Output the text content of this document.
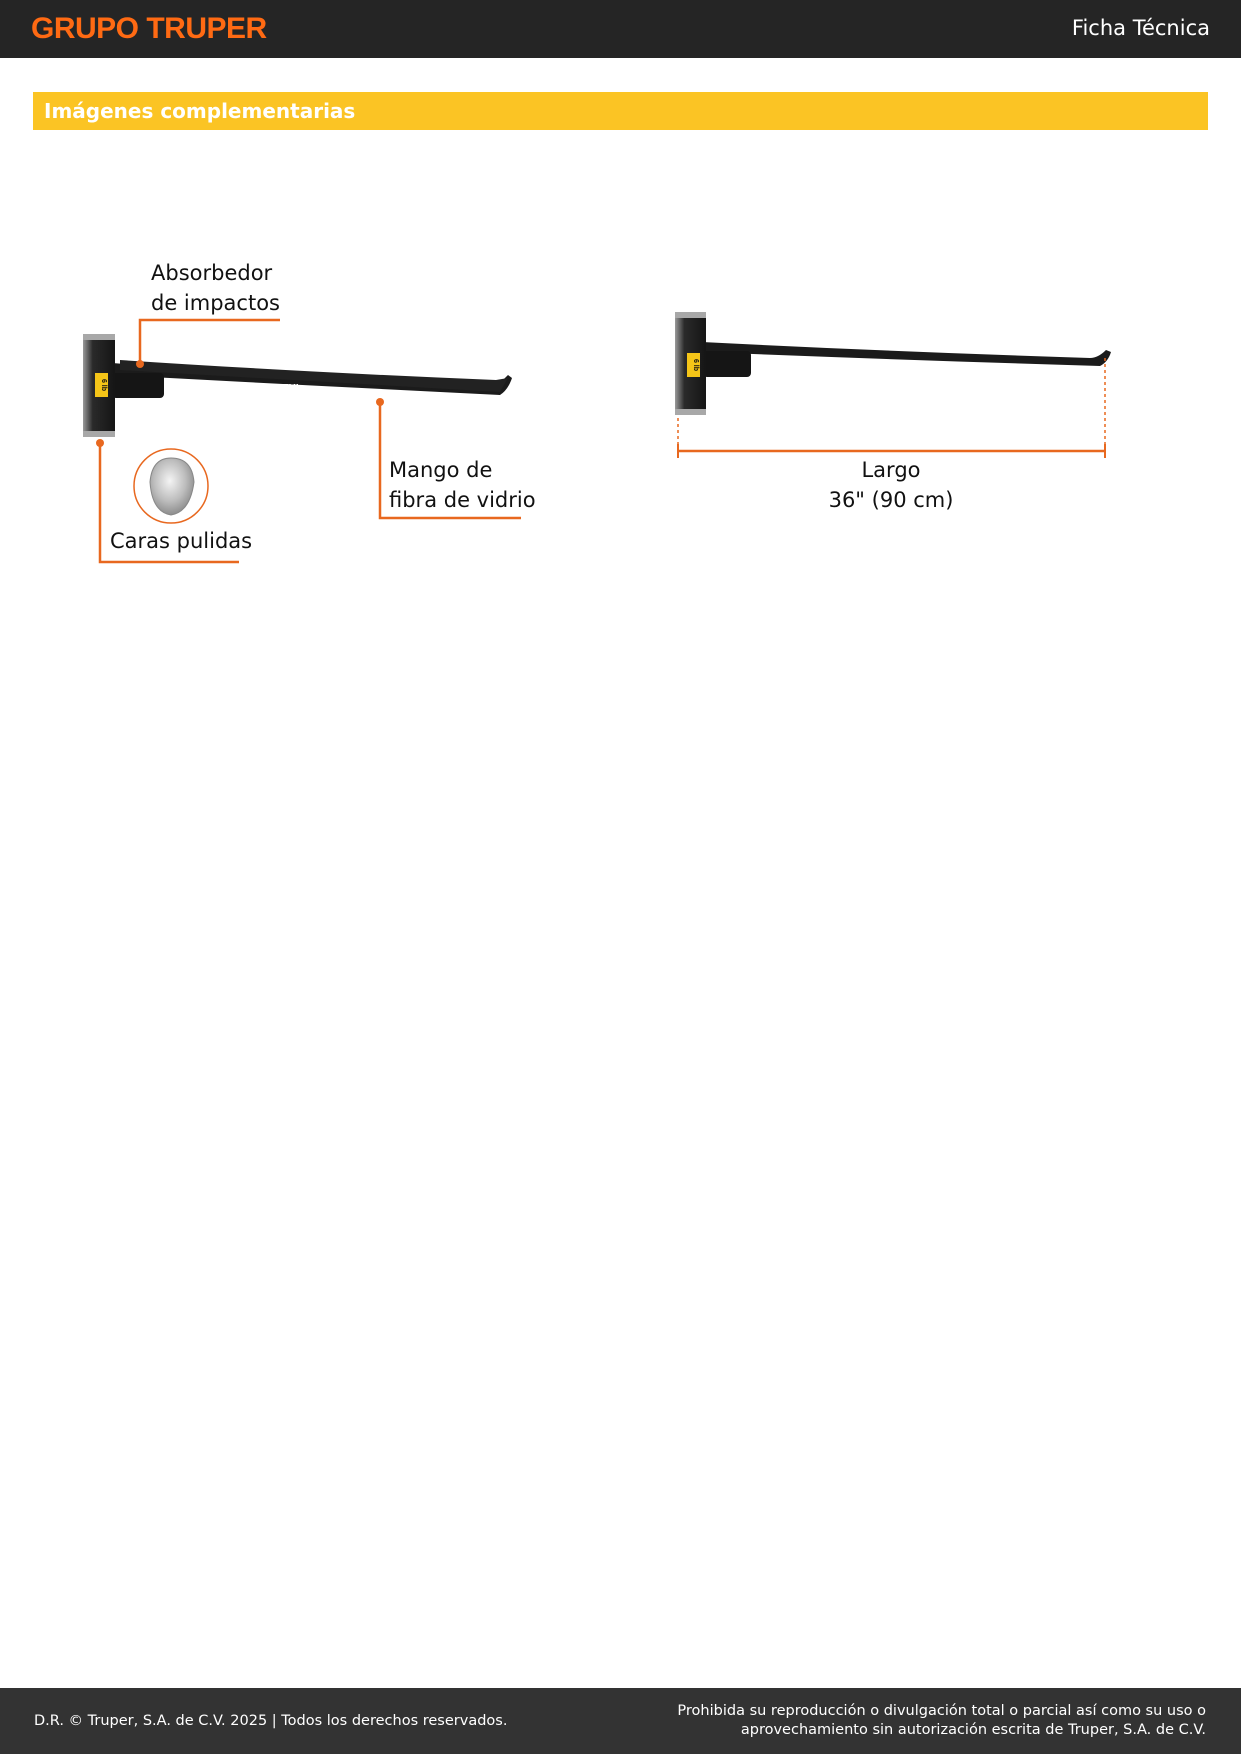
GRUPO TRUPER	Ficha Técnica
Imágenes complementarias
PRETUL
6 lb
PRETUL
6 lb
Absorbedor
de impactos
Mango de
fibra de vidrio
Caras pulidas
Largo
36" (90 cm)
D.R. © Truper, S.A. de C.V. 2025 | Todos los derechos reservados.
Prohibida su reproducción o divulgación total o parcial así como su uso o
aprovechamiento sin autorización escrita de Truper, S.A. de C.V.
